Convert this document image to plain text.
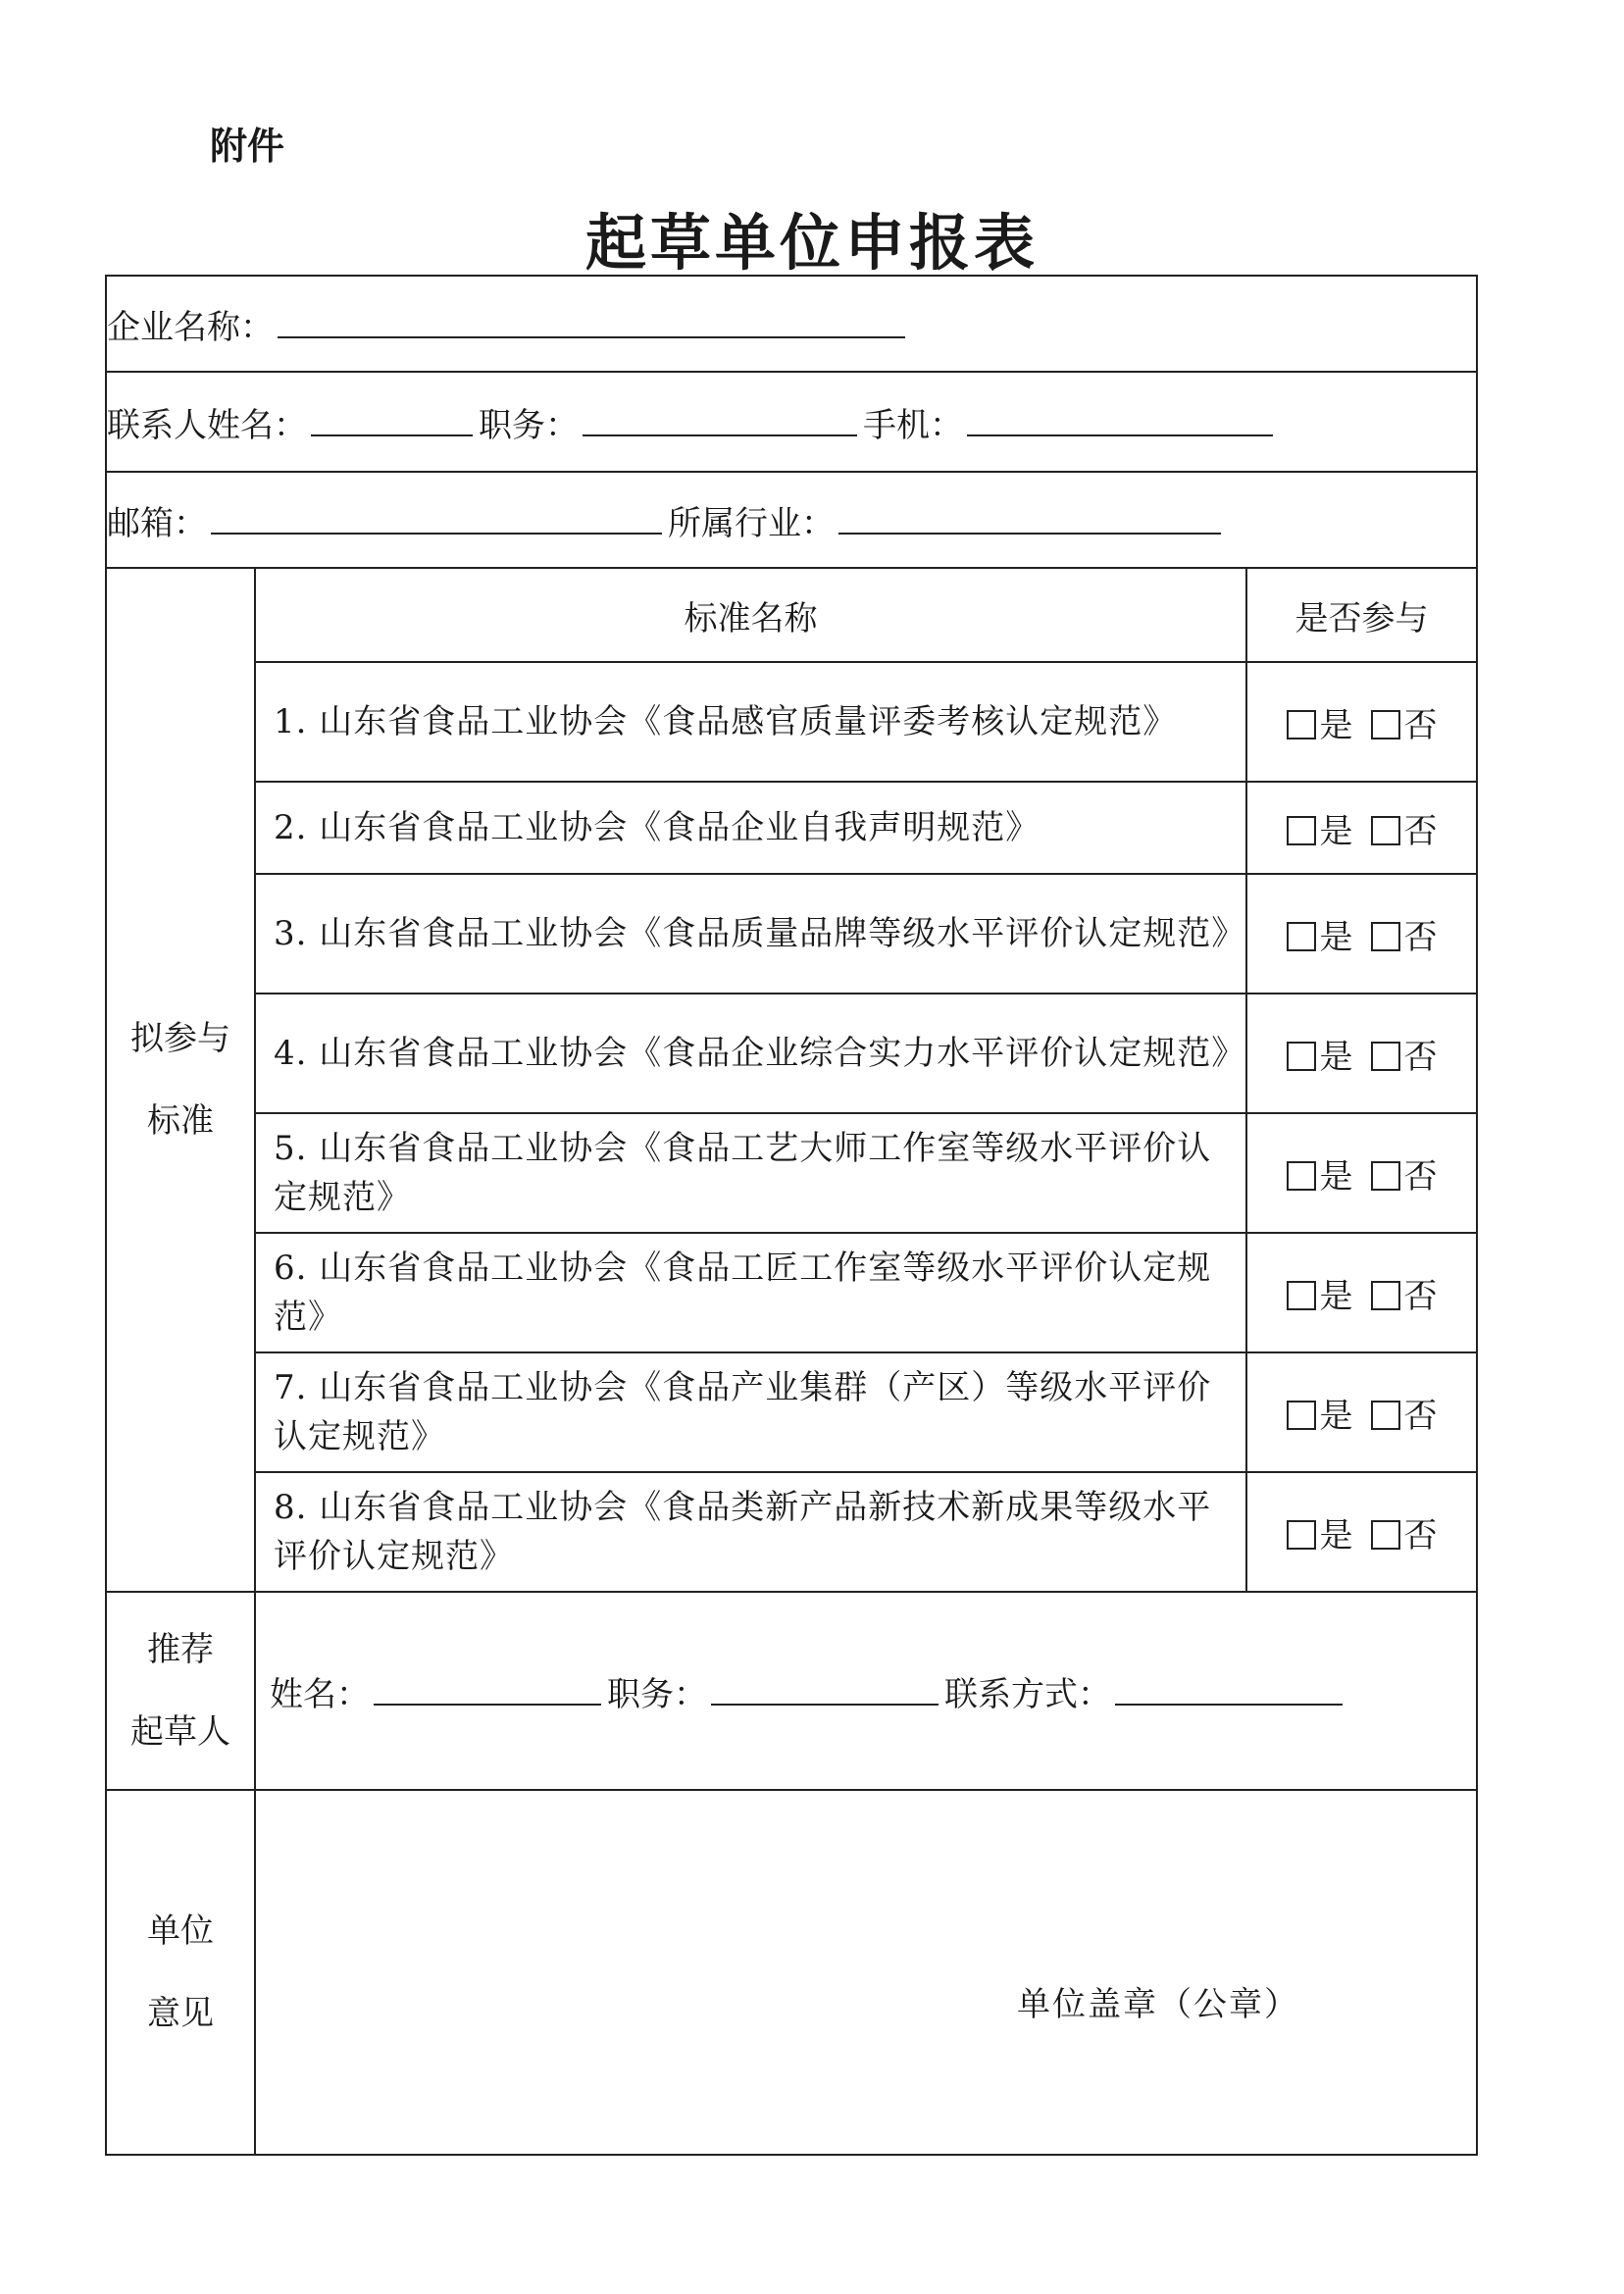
附件
起草单位申报表
企业名称：
联系人姓名：	职务：	手机：
邮箱：	所属行业：

拟参与
标准

标准名称	是否参与
1. 山东省食品工业协会《食品感官质量评委考核认定规范》	是 否
2. 山东省食品工业协会《食品企业自我声明规范》	是 否
3. 山东省食品工业协会《食品质量品牌等级水平评价认定规范》	是 否
4. 山东省食品工业协会《食品企业综合实力水平评价认定规范》	是 否
5. 山东省食品工业协会《食品工艺大师工作室等级水平评价认定规范》	是 否
6. 山东省食品工业协会《食品工匠工作室等级水平评价认定规范》	是 否
7. 山东省食品工业协会《食品产业集群（产区）等级水平评价认定规范》	是 否
8. 山东省食品工业协会《食品类新产品新技术新成果等级水平评价认定规范》	是 否

推荐
起草人
	姓名：	职务：	联系方式：

单位
意见	单位盖章（公章）
